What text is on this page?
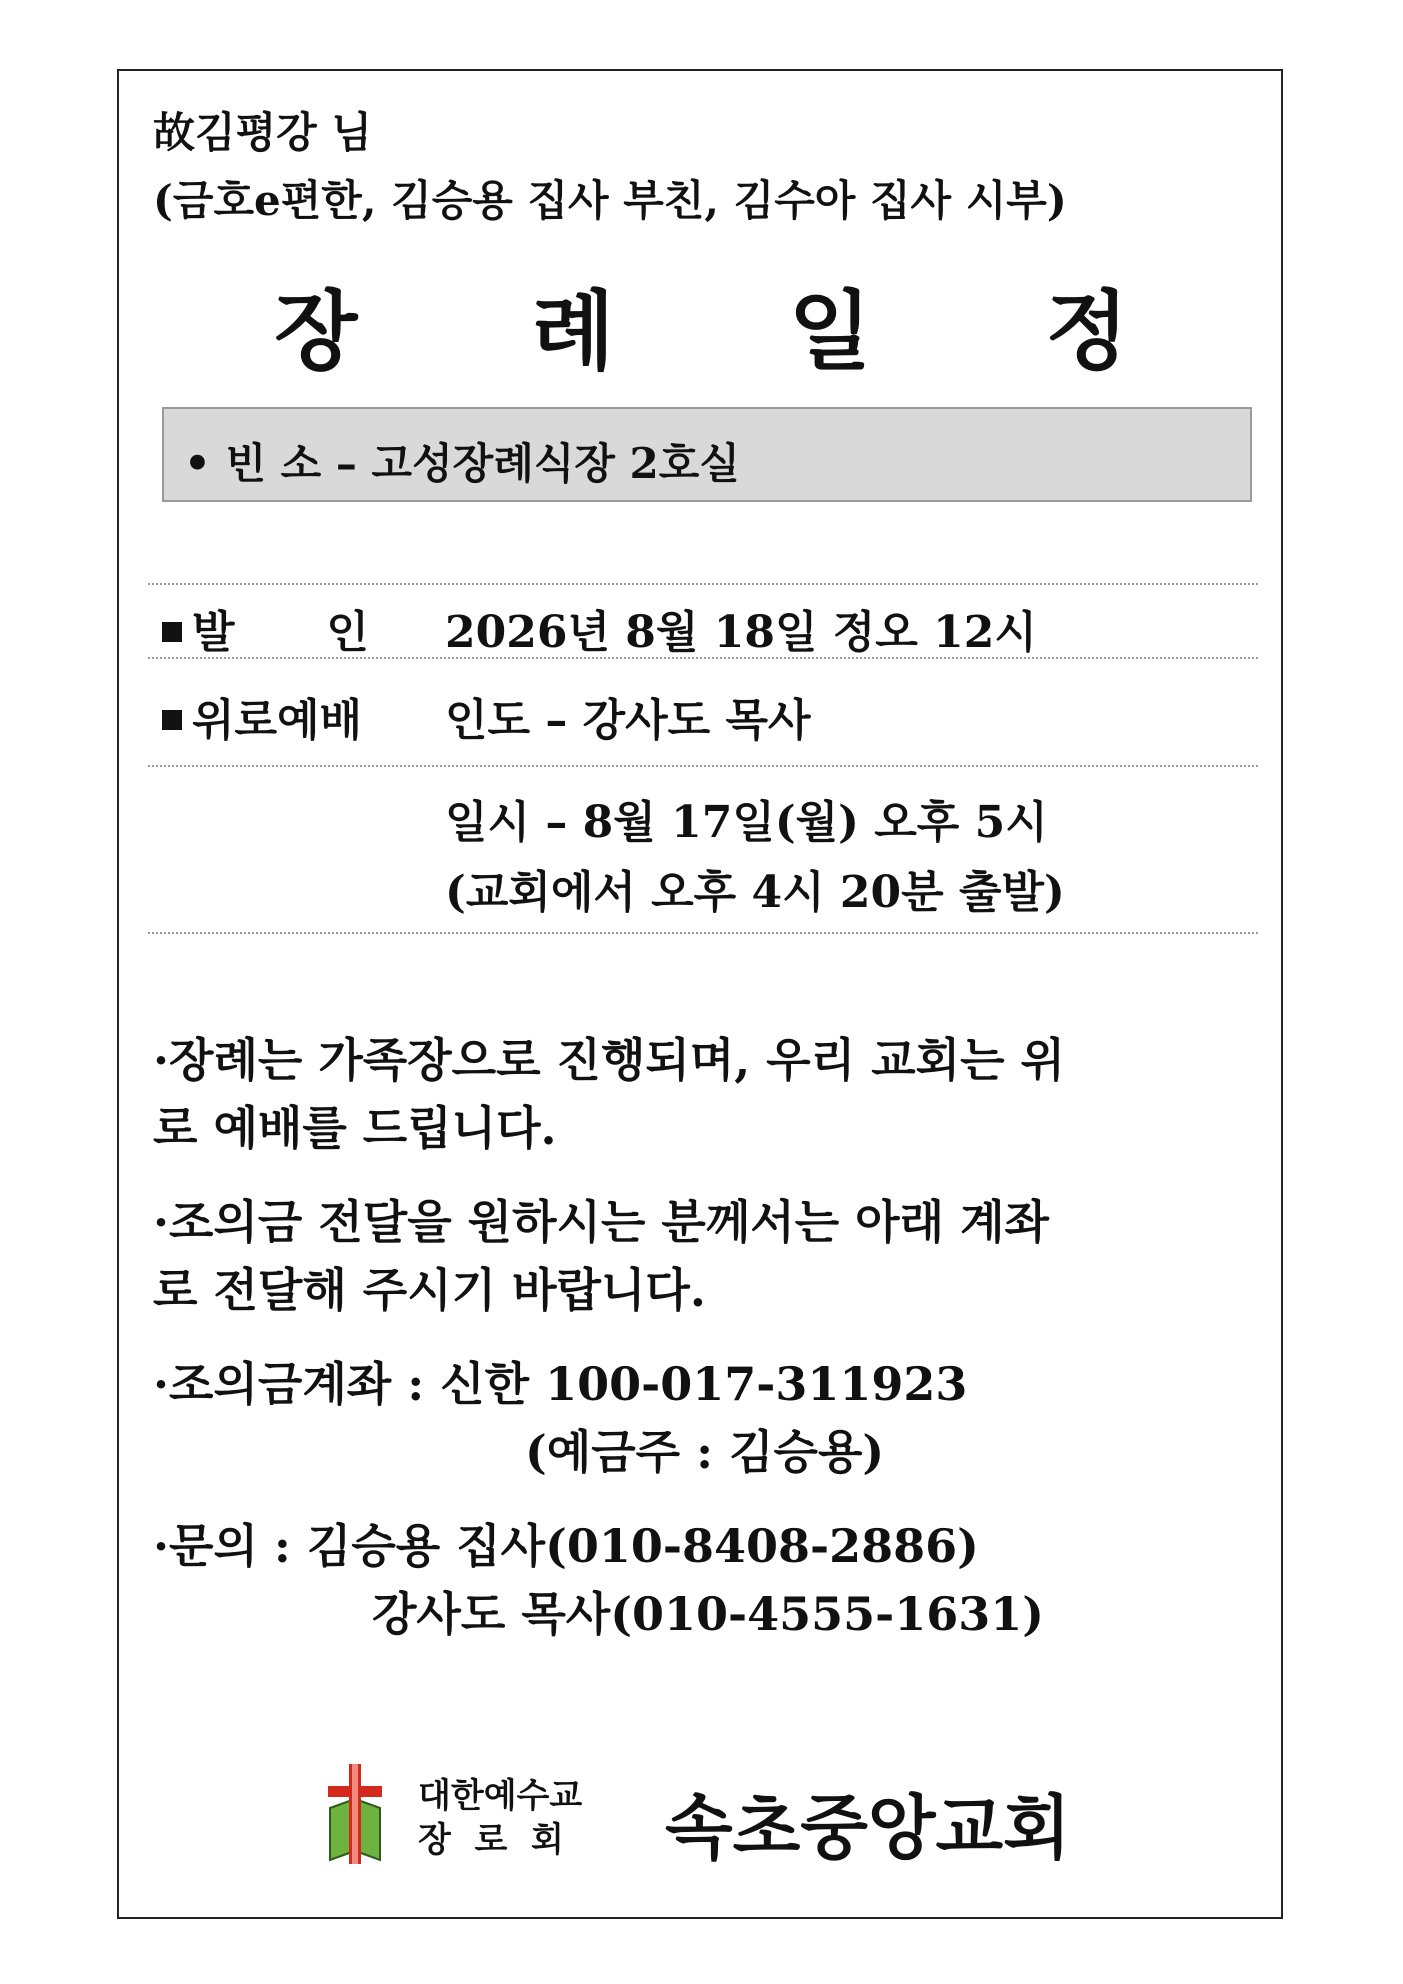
故김평강 님
(금호e편한, 김승용 집사 부친, 김수아 집사 시부)
장 례 일 정
• 빈 소 – 고성장례식장 2호실
발      인 2026년 8월 18일 정오 12시
위로예배 인도 – 강사도 목사
일시 – 8월 17일(월) 오후 5시
(교회에서 오후 4시 20분 출발)
·장례는 가족장으로 진행되며, 우리 교회는 위
로 예배를 드립니다.
·조의금 전달을 원하시는 분께서는 아래 계좌
로 전달해 주시기 바랍니다.
·조의금계좌 : 신한 100-017-311923
(예금주 : 김승용)
·문의 : 김승용 집사(010-8408-2886)
강사도 목사(010-4555-1631)
대한예수교
장  로  회 속초중앙교회
